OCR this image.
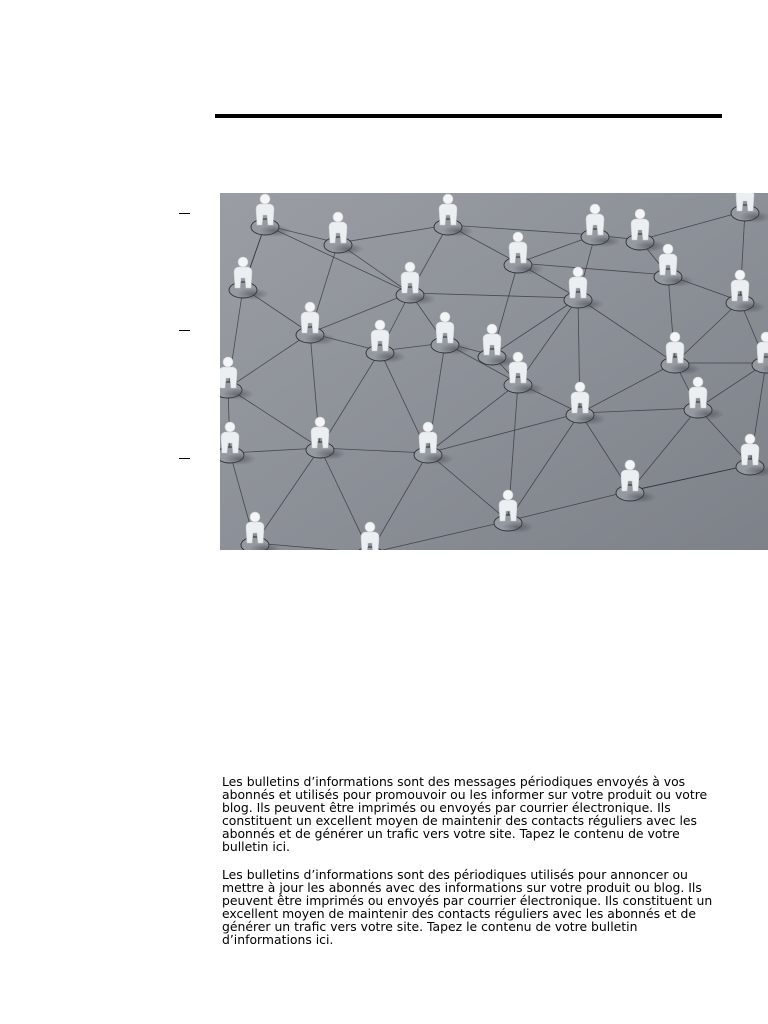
Les bulletins d’informations sont des messages périodiques envoyés à vos abonnés et utilisés pour promouvoir ou les informer sur votre produit ou votre blog. Ils peuvent être imprimés ou envoyés par courrier électronique. Ils constituent un excellent moyen de maintenir des contacts réguliers avec les abonnés et de générer un trafic vers votre site. Tapez le contenu de votre bulletin ici.

Les bulletins d’informations sont des périodiques utilisés pour annoncer ou mettre à jour les abonnés avec des informations sur votre produit ou blog. Ils peuvent être imprimés ou envoyés par courrier électronique. Ils constituent un excellent moyen de maintenir des contacts réguliers avec les abonnés et de générer un trafic vers votre site. Tapez le contenu de votre bulletin d’informations ici.
